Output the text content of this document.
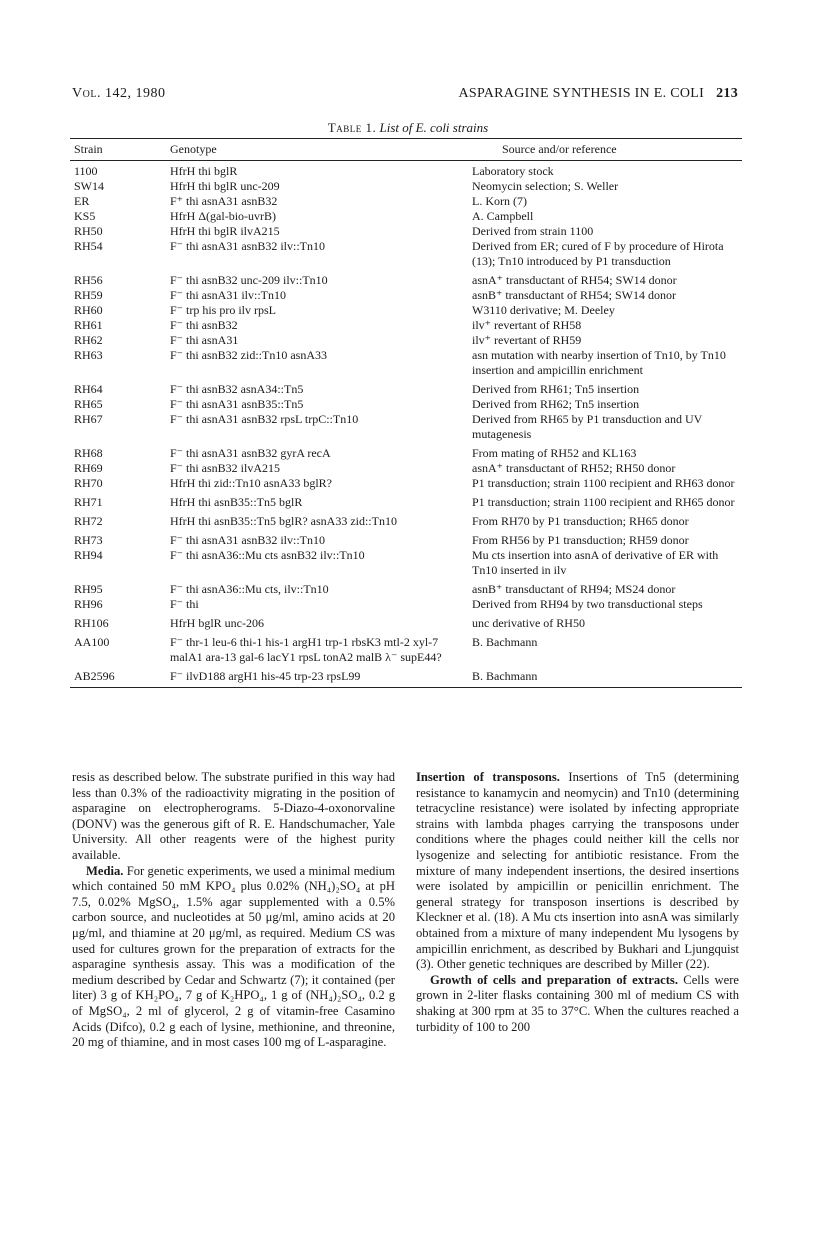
Vol. 142, 1980	ASPARAGINE SYNTHESIS IN E. COLI 213
Table 1. List of E. coli strains
Strain	Genotype	Source and/or reference
1100	HfrH thi bglR	Laboratory stock
SW14	HfrH thi bglR unc-209	Neomycin selection; S. Weller
ER	F⁺ thi asnA31 asnB32	L. Korn (7)
KS5	HfrH Δ(gal-bio-uvrB)	A. Campbell
RH50	HfrH thi bglR ilvA215	Derived from strain 1100
RH54	F⁻ thi asnA31 asnB32 ilv::Tn10	Derived from ER; cured of F by procedure of Hirota (13); Tn10 introduced by P1 transduction
RH56	F⁻ thi asnB32 unc-209 ilv::Tn10	asnA⁺ transductant of RH54; SW14 donor
RH59	F⁻ thi asnA31 ilv::Tn10	asnB⁺ transductant of RH54; SW14 donor
RH60	F⁻ trp his pro ilv rpsL	W3110 derivative; M. Deeley
RH61	F⁻ thi asnB32	ilv⁺ revertant of RH58
RH62	F⁻ thi asnA31	ilv⁺ revertant of RH59
RH63	F⁻ thi asnB32 zid::Tn10 asnA33	asn mutation with nearby insertion of Tn10, by Tn10 insertion and ampicillin enrichment
RH64	F⁻ thi asnB32 asnA34::Tn5	Derived from RH61; Tn5 insertion
RH65	F⁻ thi asnA31 asnB35::Tn5	Derived from RH62; Tn5 insertion
RH67	F⁻ thi asnA31 asnB32 rpsL trpC::Tn10	Derived from RH65 by P1 transduction and UV mutagenesis
RH68	F⁻ thi asnA31 asnB32 gyrA recA	From mating of RH52 and KL163
RH69	F⁻ thi asnB32 ilvA215	asnA⁺ transductant of RH52; RH50 donor
RH70	HfrH thi zid::Tn10 asnA33 bglR?	P1 transduction; strain 1100 recipient and RH63 donor
RH71	HfrH thi asnB35::Tn5 bglR	P1 transduction; strain 1100 recipient and RH65 donor
RH72	HfrH thi asnB35::Tn5 bglR? asnA33 zid::Tn10	From RH70 by P1 transduction; RH65 donor
RH73	F⁻ thi asnA31 asnB32 ilv::Tn10	From RH56 by P1 transduction; RH59 donor
RH94	F⁻ thi asnA36::Mu cts asnB32 ilv::Tn10	Mu cts insertion into asnA of derivative of ER with Tn10 inserted in ilv
RH95	F⁻ thi asnA36::Mu cts, ilv::Tn10	asnB⁺ transductant of RH94; MS24 donor
RH96	F⁻ thi	Derived from RH94 by two transductional steps
RH106	HfrH bglR unc-206	unc derivative of RH50
AA100	F⁻ thr-1 leu-6 thi-1 his-1 argH1 trp-1 rbsK3 mtl-2 xyl-7 malA1 ara-13 gal-6 lacY1 rpsL tonA2 malB λ⁻ supE44?	B. Bachmann
AB2596	F⁻ ilvD188 argH1 his-45 trp-23 rpsL99	B. Bachmann

resis as described below. The substrate purified in this way had less than 0.3% of the radioactivity migrating in the position of asparagine on electropherograms. 5-Diazo-4-oxonorvaline (DONV) was the generous gift of R. E. Handschumacher, Yale University. All other reagents were of the highest purity available.

Media. For genetic experiments, we used a minimal medium which contained 50 mM KPO₄ plus 0.02% (NH₄)₂SO₄ at pH 7.5, 0.02% MgSO₄, 1.5% agar supplemented with a 0.5% carbon source, and nucleotides at 50 μg/ml, amino acids at 20 μg/ml, and thiamine at 20 μg/ml, as required. Medium CS was used for cultures grown for the preparation of extracts for the asparagine synthesis assay. This was a modification of the medium described by Cedar and Schwartz (7); it contained (per liter) 3 g of KH₂PO₄, 7 g of K₂HPO₄, 1 g of (NH₄)₂SO₄, 0.2 g of MgSO₄, 2 ml of glycerol, 2 g of vitamin-free Casamino Acids (Difco), 0.2 g each of lysine, methionine, and threonine, 20 mg of thiamine, and in most cases 100 mg of L-asparagine.

Insertion of transposons. Insertions of Tn5 (determining resistance to kanamycin and neomycin) and Tn10 (determining tetracycline resistance) were isolated by infecting appropriate strains with lambda phages carrying the transposons under conditions where the phages could neither kill the cells nor lysogenize and selecting for antibiotic resistance. From the mixture of many independent insertions, the desired insertions were isolated by ampicillin or penicillin enrichment. The general strategy for transposon insertions is described by Kleckner et al. (18). A Mu cts insertion into asnA was similarly obtained from a mixture of many independent Mu lysogens by ampicillin enrichment, as described by Bukhari and Ljungquist (3). Other genetic techniques are described by Miller (22).

Growth of cells and preparation of extracts. Cells were grown in 2-liter flasks containing 300 ml of medium CS with shaking at 300 rpm at 35 to 37°C. When the cultures reached a turbidity of 100 to 200
